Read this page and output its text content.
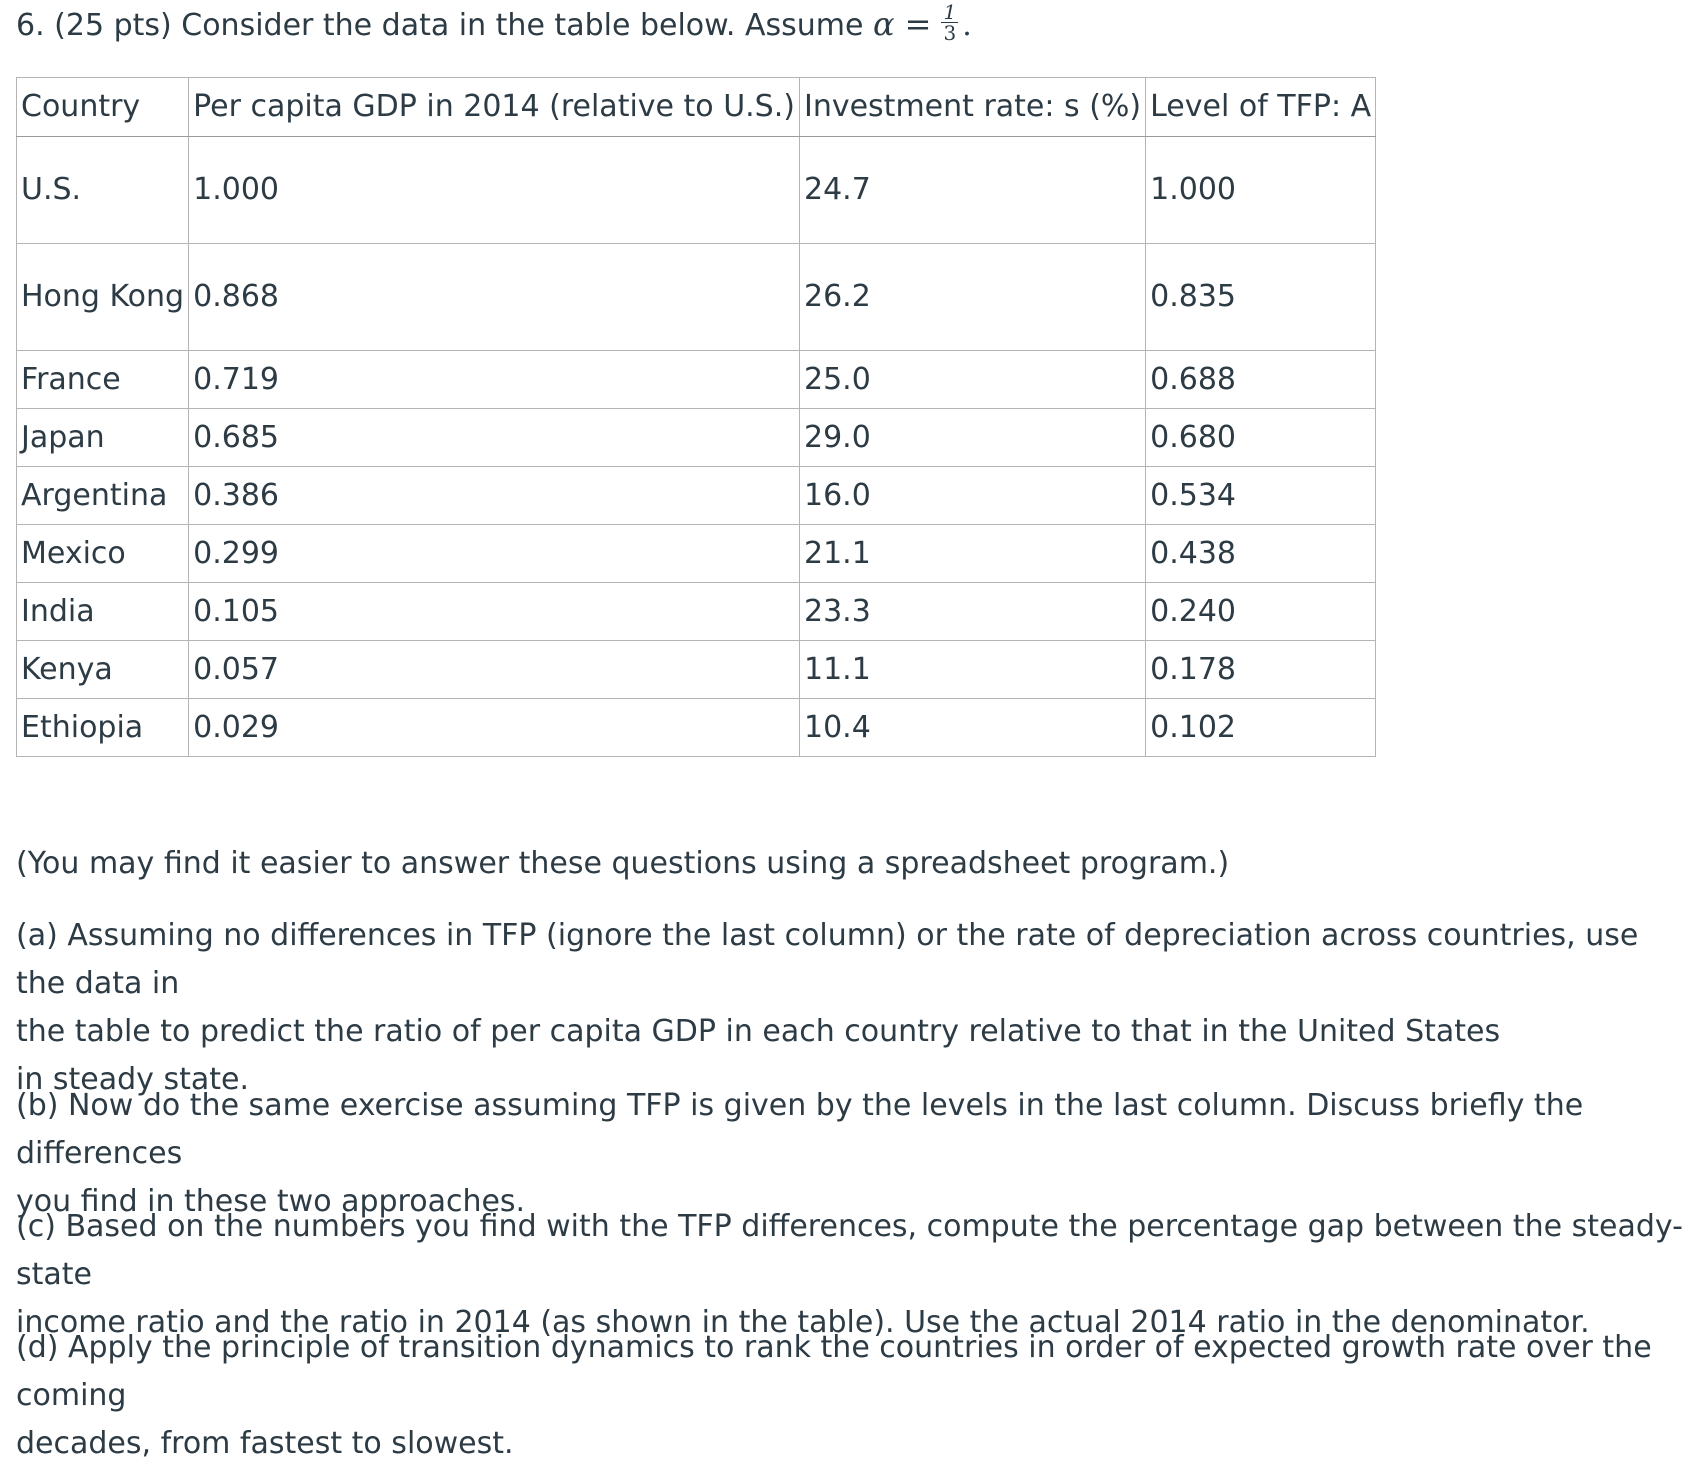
6. (25 pts) Consider the data in the table below. Assume $\alpha = \frac{1}{3}$ .
Country	Per capita GDP in 2014 (relative to U.S.)	Investment rate: s (%)	Level of TFP: A
U.S.	1.000	24.7	1.000
Hong Kong	0.868	26.2	0.835
France	0.719	25.0	0.688
Japan	0.685	29.0	0.680
Argentina	0.386	16.0	0.534
Mexico	0.299	21.1	0.438
India	0.105	23.3	0.240
Kenya	0.057	11.1	0.178
Ethiopia	0.029	10.4	0.102

(You may find it easier to answer these questions using a spreadsheet program.)

(a) Assuming no differences in TFP (ignore the last column) or the rate of depreciation across countries, use the data in
the table to predict the ratio of per capita GDP in each country relative to that in the United States
in steady state.

(b) Now do the same exercise assuming TFP is given by the levels in the last column. Discuss briefly the differences
you find in these two approaches.

(c) Based on the numbers you find with the TFP differences, compute the percentage gap between the steady- state
income ratio and the ratio in 2014 (as shown in the table). Use the actual 2014 ratio in the denominator.

(d) Apply the principle of transition dynamics to rank the countries in order of expected growth rate over the coming
decades, from fastest to slowest.
